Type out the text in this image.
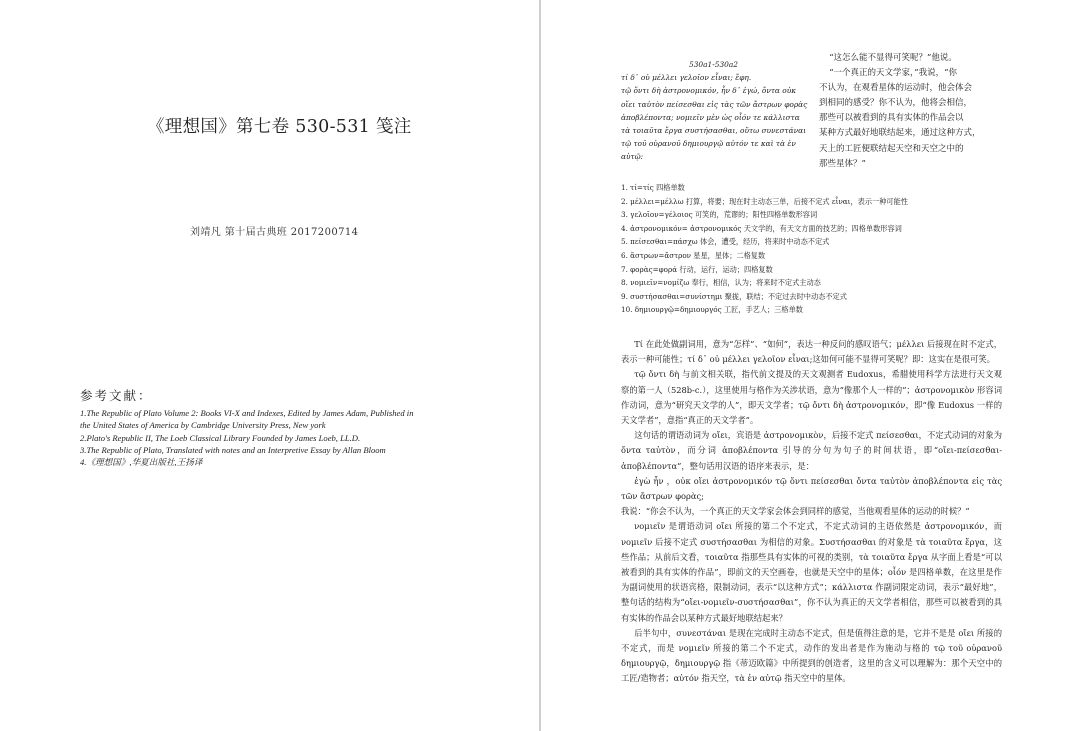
《理想国》第七卷 530-531 笺注
刘靖凡 第十届古典班 2017200714
参考文献：
1.The Republic of Plato Volume 2: Books VI-X and Indexes, Edited by James Adam, Published in
the United States of America by Cambridge University Press, New york
2.Plato's Republic II, The Loeb Classical Library Founded by James Loeb, LL.D.
3.The Republic of Plato, Translated with notes and an Interpretive Essay by Allan Bloom
4.《理想国》,华夏出版社,王扬译
530a1-530a2
τί δ᾽ οὐ μέλλει γελοῖον εἶναι; ἔφη.
τῷ ὄντι δὴ ἀστρονομικόν, ἦν δ᾽ ἐγώ, ὄντα οὐκ
οἴει ταὐτὸν πείσεσθαι εἰς τὰς τῶν ἄστρων φορὰς
ἀποβλέποντα; νομιεῖν μὲν ὡς οἷόν τε κάλλιστα
τὰ τοιαῦτα ἔργα συστήσασθαι, οὕτω συνεστάναι
τῷ τοῦ οὐρανοῦ δημιουργῷ αὐτόν τε καὶ τὰ ἐν
αὐτῷ:
“这怎么能不显得可笑呢？”他说。
“一个真正的天文学家，”我说，“你
不认为，在观看星体的运动时，他会体会
到相同的感受？你不认为，他将会相信，
那些可以被看到的具有实体的作品会以
某种方式最好地联结起来，通过这种方式，
天上的工匠便联结起天空和天空之中的
那些星体？”
1. τί=τίς 四格单数
2. μέλλει=μέλλω 打算，将要；现在时主动态三单，后接不定式 εἶναι，表示一种可能性
3. γελοῖον=γέλοιος 可笑的，荒谬的；阳性四格单数形容词
4. ἀστρονομικόν= ἀστρονομικός 天文学的，有天文方面的技艺的；四格单数形容词
5. πείσεσθαι=πάσχω 体会，遭受，经历，将来时中动态不定式
6. ἄστρων=ἄστρον 星星，星体；二格复数
7. φορὰς=φορά 行动，运行，运动；四格复数
8. νομιεῖν=νομίζω 奉行，相信，认为；将来时不定式主动态
9. συστήσασθαι=συνίστημι 聚拢，联结；不定过去时中动态不定式
10. δημιουργῷ=δημιουργός 工匠，手艺人；三格单数

Tί 在此处做副词用，意为“怎样”、“如何”，表达一种反问的感叹语气；μέλλει 后接现在时不定式，表示一种可能性；τί δ᾽ οὐ μέλλει γελοῖον εἶναι;这如何可能不显得可笑呢？即：这实在是很可笑。

τῷ ὄντι δὴ 与前文相关联，指代前文提及的天文观测者 Eudoxus，希腊使用科学方法进行天文观察的第一人（528b-c.），这里使用与格作为关涉状语，意为“像那个人一样的”；ἀστρονομικὸν 形容词作动词，意为“研究天文学的人”，即天文学者；τῷ ὄντι δὴ ἀστρονομικόν，即“像 Eudoxus 一样的天文学者”，意指“真正的天文学者”。

这句话的谓语动词为 οἴει，宾语是 ἀστρονομικὸν，后接不定式 πείσεσθαι，不定式动词的对象为 ὄντα ταὐτὸν，而分词 ἀποβλέποντα 引导的分句为句子的时间状语，即“οἴει-πείσεσθαι-ἀποβλέποντα”，整句话用汉语的语序来表示，是：

ἐγὼ ἦν ，οὐκ οἴει ἀστρονομικόν τῷ ὄντι πείσεσθαι ὄντα ταὐτὸν ἀποβλέποντα εἰς τὰς τῶν ἄστρων φορὰς;

我说：“你会不认为，一个真正的天文学家会体会到同样的感觉，当他观看星体的运动的时候？”

νομιεῖν 是谓语动词 οἴει 所接的第二个不定式，不定式动词的主语依然是 ἀστρονομικόν，而 νομιεῖν 后接不定式 συστήσασθαι 为相信的对象。Συστήσασθαι 的对象是 τὰ τοιαῦτα ἔργα，这些作品；从前后文看，τοιαῦτα 指那些具有实体的可视的类别，τὰ τοιαῦτα ἔργα 从字面上看是“可以被看到的具有实体的作品”，即前文的天空画卷，也就是天空中的星体；οἷόν 是四格单数，在这里是作为副词使用的状语宾格，限制动词，表示“以这种方式”；κάλλιστα 作副词限定动词，表示“最好地”，整句话的结构为“οἴει-νομιεῖν-συστήσασθαι”，你不认为真正的天文学者相信，那些可以被看到的具有实体的作品会以某种方式最好地联结起来？

后半句中，συνεστάναι 是现在完成时主动态不定式，但是值得注意的是，它并不是是 οἴει 所接的不定式，而是 νομιεῖν 所接的第二个不定式，动作的发出者是作为施动与格的 τῷ τοῦ οὐρανοῦ δημιουργῷ，δημιουργῷ 指《蒂迈欧篇》中所提到的创造者，这里的含义可以理解为：那个天空中的工匠/造物者；αὐτόν 指天空，τὰ ἐν αὐτῷ 指天空中的星体。
